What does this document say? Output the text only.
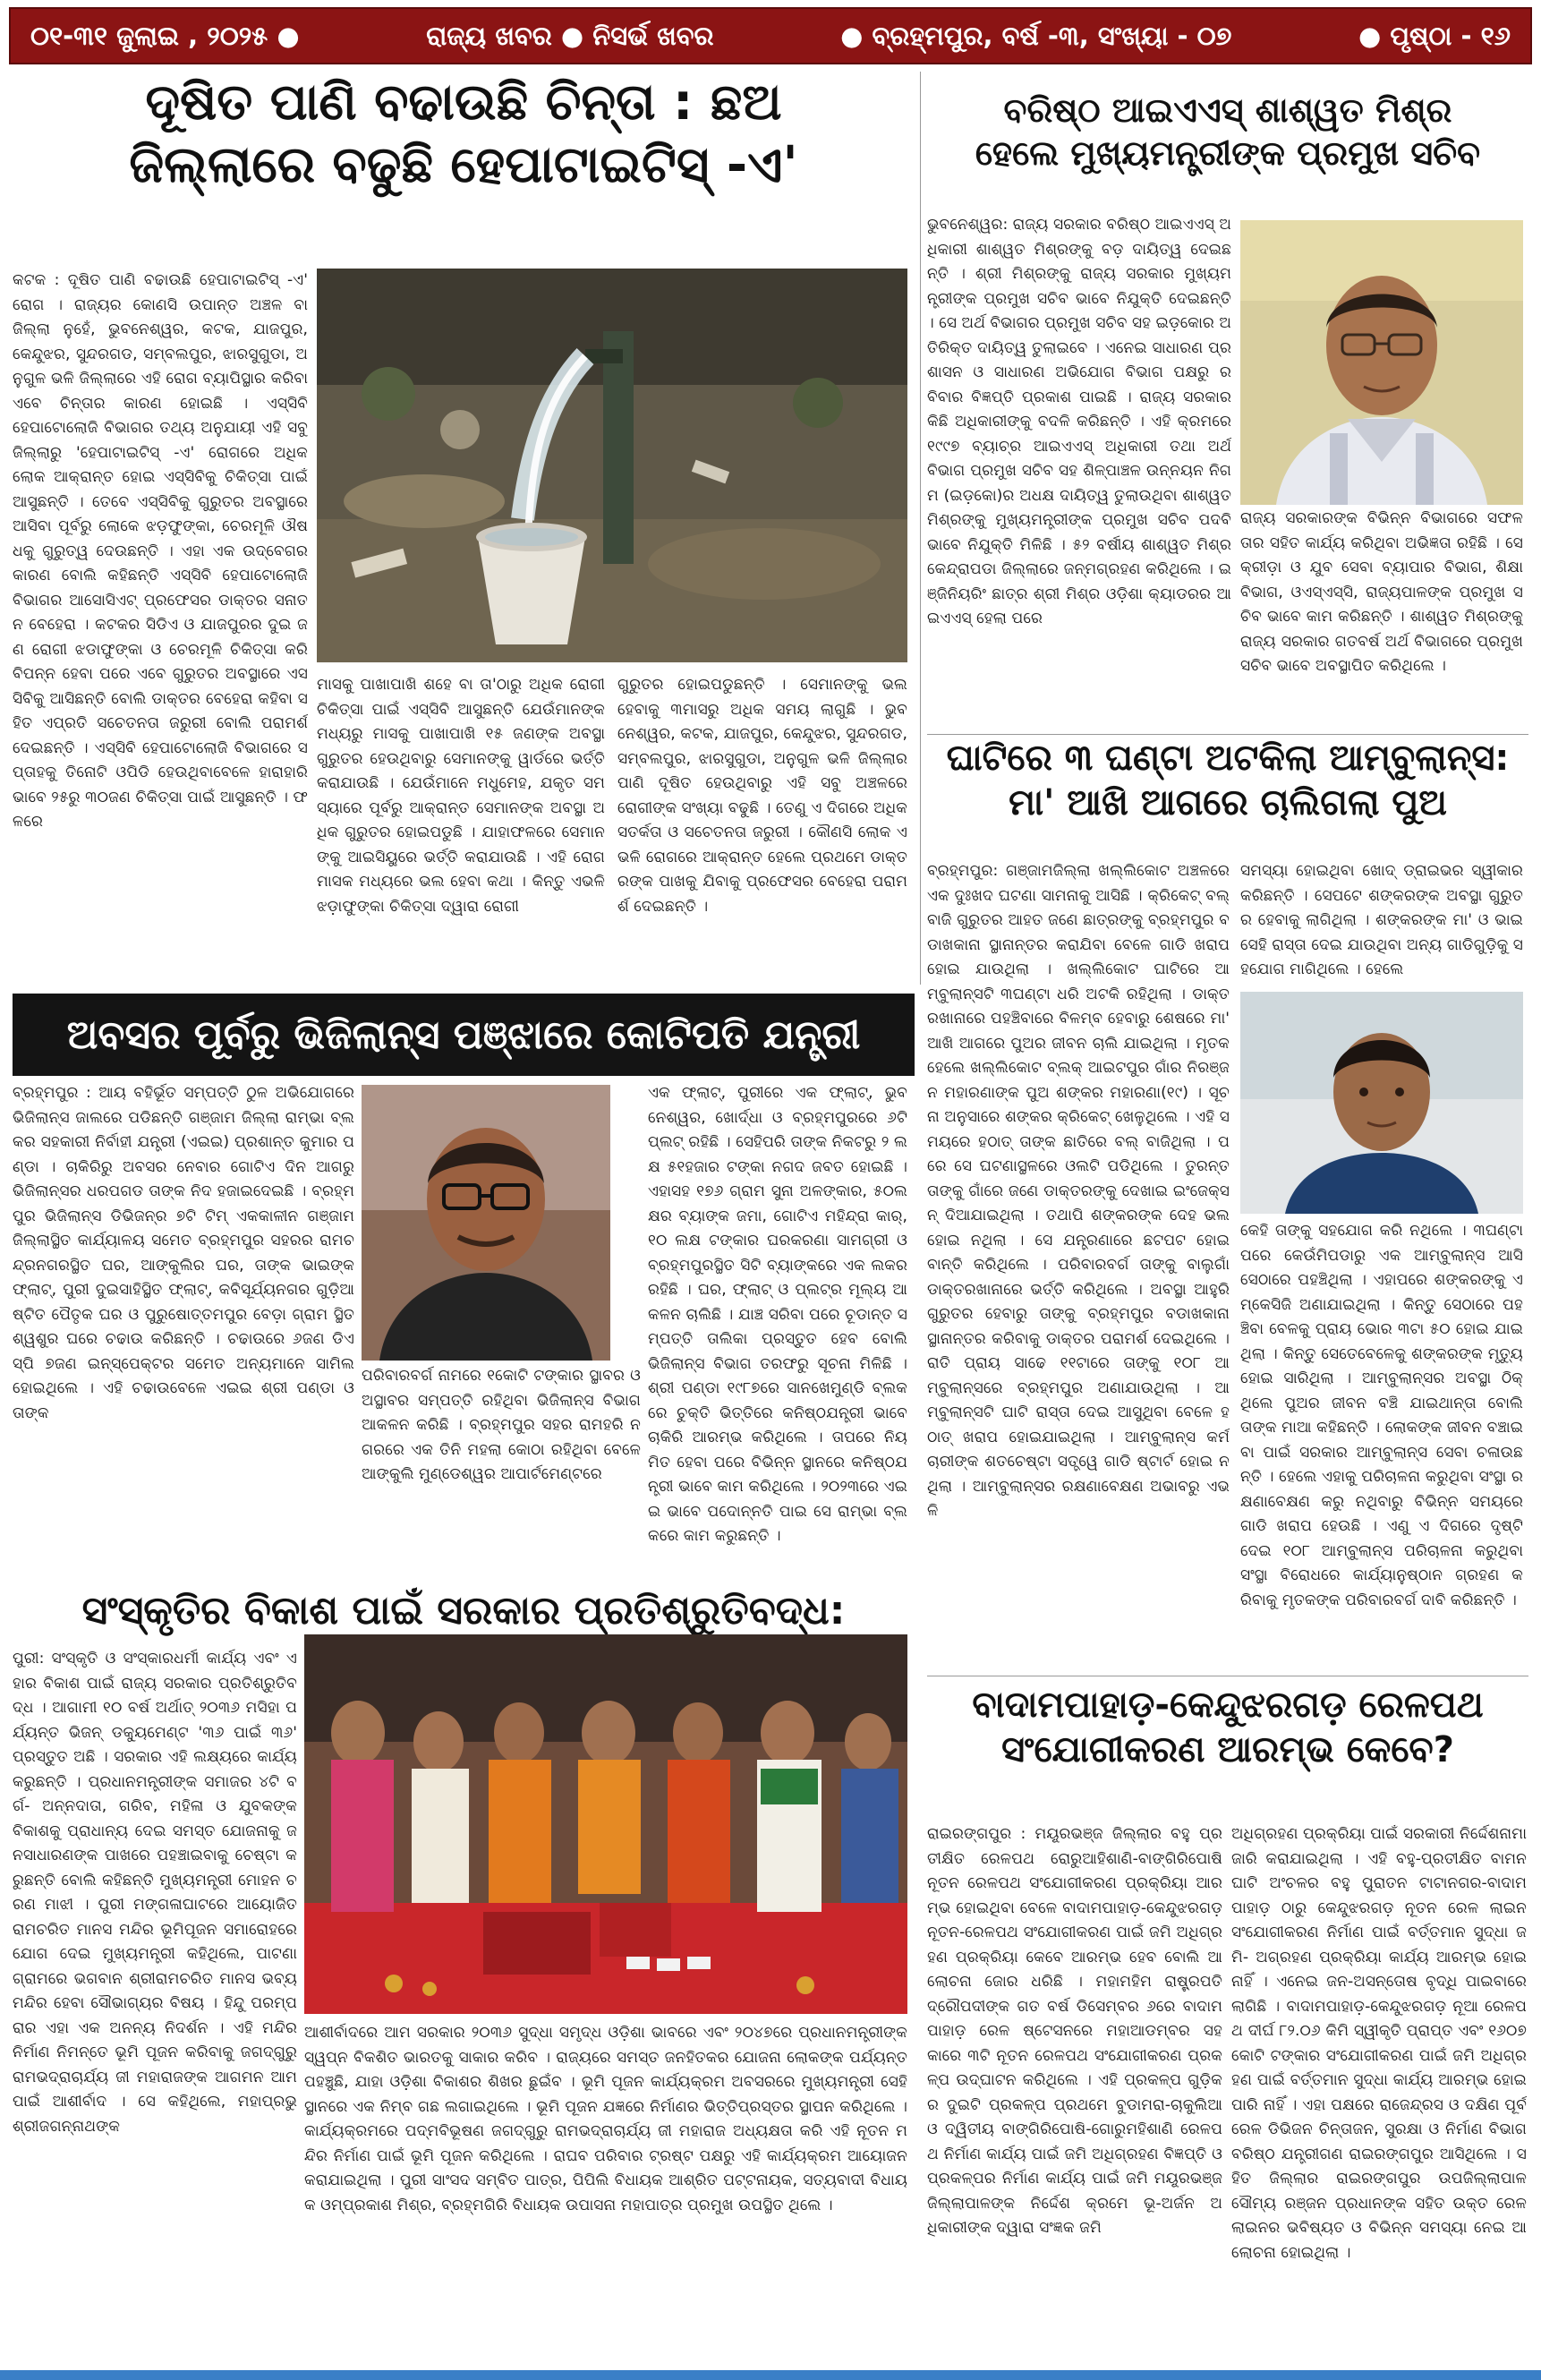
୦୧-୩୧ ଜୁଲାଇ , ୨୦୨୫ ●	ରାଜ୍ୟ ଖବର ● ନିସର୍ଭ ଖବର	● ବ୍ରହ୍ମପୁର, ବର୍ଷ -୩, ସଂଖ୍ୟା - ୦୭	● ପୃଷ୍ଠା - ୧୬
ଦୂଷିତ ପାଣି ବଢାଉଛି ଚିନ୍ତା : ଛଅ
ଜିଲ୍ଲାରେ ବଢୁଛି ହେପାଟାଇଟିସ୍ -ଏ'
କଟକ : ଦୂଷିତ ପାଣି ବଢାଉଛି ହେପାଟାଇଟିସ୍ -ଏ' ରୋଗ । ରାଜ୍ୟର କୋଣସି ଉପାନ୍ତ ଅଞ୍ଚଳ ବା ଜିଲ୍ଲା ନୁହେଁ, ଭୁବନେଶ୍ୱର, କଟକ, ଯାଜପୁର, କେନ୍ଦୁଝର, ସୁନ୍ଦରଗଡ, ସମ୍ବଲପୁର, ଝାରସୁଗୁଡା, ଅନୁଗୁଳ ଭଳି ଜିଲ୍ଲାରେ ଏହି ରୋଗ ବ୍ୟାପିସ୍ଥାର କରିବା ଏବେ ଚିନ୍ତାର କାରଣ ହୋଇଛି । ଏସ୍‌ସିବି ହେପାଟୋଲୋଜି ବିଭାଗର ତଥ୍ୟ ଅନୁଯାୟୀ ଏହି ସବୁ ଜିଲ୍ଲାରୁ 'ହେପାଟାଇଟିସ୍ -ଏ' ରୋଗରେ ଅଧିକ ଲୋକ ଆକ୍ରାନ୍ତ ହୋଇ ଏସ୍‌ସିବିକୁ ଚିକିତ୍ସା ପାଇଁ ଆସୁଛନ୍ତି । ତେବେ ଏସ୍‌ସିବିକୁ ଗୁରୁତର ଅବସ୍ଥାରେ ଆସିବା ପୂର୍ବରୁ ଲୋକେ ଝଡ଼ଫୁଙ୍କା, ଚେରମୂଳି ଔଷଧକୁ ଗୁରୁତ୍ୱ ଦେଉଛନ୍ତି । ଏହା ଏକ ଉଦ୍‌ବେଗର କାରଣ ବୋଲି କହିଛନ୍ତି ଏସ୍‌ସିବି ହେପାଟୋଲୋଜି ବିଭାଗର ଆସୋସିଏଟ୍ ପ୍ରଫେସର ଡାକ୍ତର ସନାତନ ବେହେରା । କଟକର ସିଡିଏ ଓ ଯାଜପୁରର ଦୁଇ ଜଣ ରୋଗୀ ଝଡାଫୁଙ୍କା ଓ ଚେରମୂଳି ଚିକିତ୍ସା କରି ବିପନ୍ନ ହେବା ପରେ ଏବେ ଗୁରୁତର ଅବସ୍ଥାରେ ଏସସିବିକୁ ଆସିଛନ୍ତି ବୋଲି ଡାକ୍ତର ବେହେରା କହିବା ସହିତ ଏପ୍ରତି ସଚେତନତା ଜରୁରୀ ବୋଲି ପରାମର୍ଶ ଦେଇଛନ୍ତି । ଏସ୍‌ସିବି ହେପାଟୋଲୋଜି ବିଭାଗରେ ସପ୍ତାହକୁ ତିନୋଟି ଓପିଡି ହେଉଥିବାବେଳେ ହାରାହାରି ଭାବେ ୨୫ରୁ ୩୦ଜଣ ଚିକିତ୍ସା ପାଇଁ ଆସୁଛନ୍ତି । ଫଳରେ
ମାସକୁ ପାଖାପାଖି ଶହେ ବା ତା'ଠାରୁ ଅଧିକ ରୋଗୀ ଚିକିତ୍ସା ପାଇଁ ଏସ୍‌ସିବି ଆସୁଛନ୍ତି ଯେଉଁମାନଙ୍କ ମଧ୍ୟରୁ ମାସକୁ ପାଖାପାଖି ୧୫ ଜଣଙ୍କ ଅବସ୍ଥା ଗୁରୁତର ହେଉଥିବାରୁ ସେମାନଙ୍କୁ ୱାର୍ଡରେ ଭର୍ତ୍ତି କରାଯାଉଛି । ଯେଉଁମାନେ ମଧୁମେହ, ଯକୃତ ସମସ୍ୟାରେ ପୂର୍ବରୁ ଆକ୍ରାନ୍ତ ସେମାନଙ୍କ ଅବସ୍ଥା ଅଧିକ ଗୁରୁତର ହୋଇପଡୁଛି । ଯାହାଫଳରେ ସେମାନଙ୍କୁ ଆଇସିୟୁରେ ଭର୍ତ୍ତି କରାଯାଉଛି । ଏହି ରୋଗ ମାସକ ମଧ୍ୟରେ ଭଲ ହେବା କଥା । କିନ୍ତୁ ଏଭଳି ଝଡ଼ାଫୁଙ୍କା ଚିକିତ୍ସା ଦ୍ୱାରା ରୋଗୀ
ଗୁରୁତର ହୋଇପଡୁଛନ୍ତି । ସେମାନଙ୍କୁ ଭଲ ହେବାକୁ ୩ମାସରୁ ଅଧିକ ସମୟ ଲାଗୁଛି । ଭୁବନେଶ୍ୱର, କଟକ, ଯାଜପୁର, କେନ୍ଦୁଝର, ସୁନ୍ଦରଗଡ, ସମ୍ବଲପୁର, ଝାରସୁଗୁଡା, ଅନୁଗୁଳ ଭଳି ଜିଲ୍ଲାର ପାଣି ଦୂଷିତ ହେଉଥିବାରୁ ଏହି ସବୁ ଅଞ୍ଚଳରେ ରୋଗୀଙ୍କ ସଂଖ୍ୟା ବଢୁଛି । ତେଣୁ ଏ ଦିଗରେ ଅଧିକ ସତର୍କତା ଓ ସଚେତନତା ଜରୁରୀ । କୌଣସି ଲୋକ ଏଭଳି ରୋଗରେ ଆକ୍ରାନ୍ତ ହେଲେ ପ୍ରଥମେ ଡାକ୍ତରଙ୍କ ପାଖକୁ ଯିବାକୁ ପ୍ରଫେସର ବେହେରା ପରାମର୍ଶ ଦେଇଛନ୍ତି ।
ବରିଷ୍ଠ ଆଇଏଏସ୍ ଶାଶ୍ୱତ ମିଶ୍ର
ହେଲେ ମୁଖ୍ୟମନ୍ତ୍ରୀଙ୍କ ପ୍ରମୁଖ ସଚିବ
ଭୁବନେଶ୍ୱର: ରାଜ୍ୟ ସରକାର ବରିଷ୍ଠ ଆଇଏଏସ୍ ଅଧିକାରୀ ଶାଶ୍ୱତ ମିଶ୍ରଙ୍କୁ ବଡ଼ ଦାୟିତ୍ୱ ଦେଇଛନ୍ତି । ଶ୍ରୀ ମିଶ୍ରଙ୍କୁ ରାଜ୍ୟ ସରକାର ମୁଖ୍ୟମନ୍ତ୍ରୀଙ୍କ ପ୍ରମୁଖ ସଚିବ ଭାବେ ନିଯୁକ୍ତି ଦେଇଛନ୍ତି । ସେ ଅର୍ଥ ବିଭାଗର ପ୍ରମୁଖ ସଚିବ ସହ ଇଡ଼କୋର ଅତିରିକ୍ତ ଦାୟିତ୍ୱ ତୁଲାଇବେ । ଏନେଇ ସାଧାରଣ ପ୍ରଶାସନ ଓ ସାଧାରଣ ଅଭିଯୋଗ ବିଭାଗ ପକ୍ଷରୁ ରବିବାର ବିଜ୍ଞପ୍ତି ପ୍ରକାଶ ପାଇଛି । ରାଜ୍ୟ ସରକାର କିଛି ଅଧିକାରୀଙ୍କୁ ବଦଳି କରିଛନ୍ତି । ଏହି କ୍ରମରେ ୧୯୯୭ ବ୍ୟାଚ୍‌ର ଆଇଏଏସ୍ ଅଧିକାରୀ ତଥା ଅର୍ଥ ବିଭାଗ ପ୍ରମୁଖ ସଚିବ ସହ ଶିଳ୍ପାଞ୍ଚଳ ଉନ୍ନୟନ ନିଗମ (ଇଡ଼କୋ)ର ଅଧକ୍ଷ ଦାୟିତ୍ୱ ତୁଲାଉଥିବା ଶାଶ୍ୱତ ମିଶ୍ରଙ୍କୁ ମୁଖ୍ୟମନ୍ତ୍ରୀଙ୍କ ପ୍ରମୁଖ ସଚିବ ପଦବି ଭାବେ ନିଯୁକ୍ତି ମିଳିଛି । ୫୨ ବର୍ଷୀୟ ଶାଶ୍ୱତ ମିଶ୍ର କେନ୍ଦ୍ରାପଡା ଜିଲ୍ଲାରେ ଜନ୍ମଗ୍ରହଣ କରିଥିଲେ । ଇଞ୍ଜିନିୟରିଂ ଛାତ୍ର ଶ୍ରୀ ମିଶ୍ର ଓଡ଼ିଶା କ୍ୟାଡରର ଆଇଏଏସ୍ ହେଲା ପରେ
ରାଜ୍ୟ ସରକାରଙ୍କ ବିଭିନ୍ନ ବିଭାଗରେ ସଫଳତାର ସହିତ କାର୍ଯ୍ୟ କରିଥିବା ଅଭିଜ୍ଞତା ରହିଛି । ସେ କ୍ରୀଡ଼ା ଓ ଯୁବ ସେବା ବ୍ୟାପାର ବିଭାଗ, ଶିକ୍ଷା ବିଭାଗ, ଓଏସ୍‌ଏସ୍‌ସି, ରାଜ୍ୟପାଳଙ୍କ ପ୍ରମୁଖ ସଚିବ ଭାବେ କାମ କରିଛନ୍ତି । ଶାଶ୍ୱତ ମିଶ୍ରଙ୍କୁ ରାଜ୍ୟ ସରକାର ଗତବର୍ଷ ଅର୍ଥ ବିଭାଗରେ ପ୍ରମୁଖ ସଚିବ ଭାବେ ଅବସ୍ଥାପିତ କରିଥିଲେ ।
ଘାଟିରେ ୩ ଘଣ୍ଟା ଅଟକିଲା ଆମ୍ବୁଲାନ୍ସ:
ମା' ଆଖି ଆଗରେ ଚାଲିଗଲା ପୁଅ
ବ୍ରହ୍ମପୁର: ଗଞ୍ଜାମଜିଲ୍ଲା ଖଲ୍ଲିକୋଟ ଅଞ୍ଚଳରେ ଏକ ଦୁଃଖଦ ଘଟଣା ସାମନାକୁ ଆସିଛି । କ୍ରିକେଟ୍ ବଲ୍ ବାଜି ଗୁରୁତର ଆହତ ଜଣେ ଛାତ୍ରଙ୍କୁ ବ୍ରହ୍ମପୁର ବଡାଖକାନା ସ୍ଥାନାନ୍ତର କରାଯିବା ବେଳେ ଗାଡି ଖରାପ ହୋଇ ଯାଉଥିଲା । ଖଲ୍ଲିକୋଟ ଘାଟିରେ ଆମ୍ବୁଲାନ୍ସଟି ୩ଘଣ୍ଟା ଧରି ଅଟକି ରହିଥିଲା । ଡାକ୍ତରଖାନାରେ ପହଞ୍ଚିବାରେ ବିଳମ୍ବ ହେବାରୁ ଶେଷରେ ମା' ଆଖି ଆଗରେ ପୁଅର ଜୀବନ ଚାଲି ଯାଇଥିଲା । ମୃତକ ହେଲେ ଖଲ୍ଲିକୋଟ ବ୍ଲକ୍ ଆଇଟପୁର ଗାଁର ନିରଞ୍ଜନ ମହାରଣାଙ୍କ ପୁଅ ଶଙ୍କର ମହାରଣା(୧୯) । ସୂଚନା ଅନୁସାରେ ଶଙ୍କର କ୍ରିକେଟ୍ ଖେଳୁଥିଲେ । ଏହି ସମୟରେ ହଠାତ୍ ତାଙ୍କ ଛାତିରେ ବଲ୍ ବାଜିଥିଲା । ପରେ ସେ ଘଟଣାସ୍ଥଳରେ ଓଲଟି ପଡିଥିଲେ । ତୁରନ୍ତ ତାଙ୍କୁ ଗାଁରେ ଜଣେ ଡାକ୍ତରଙ୍କୁ ଦେଖାଇ ଇଂଜେକ୍ସନ୍ ଦିଆଯାଇଥିଲା । ତଥାପି ଶଙ୍କରଙ୍କ ଦେହ ଭଲ ହୋଇ ନଥିଲା । ସେ ଯନ୍ତ୍ରଣାରେ ଛଟପଟ ହୋଇ ବାନ୍ତି କରିଥିଲେ । ପରିବାରବର୍ଗ ତାଙ୍କୁ ବାଲୁଗାଁ ଡାକ୍ତରଖାନାରେ ଭର୍ତ୍ତି କରିଥିଲେ । ଅବସ୍ଥା ଆହୁରି ଗୁରୁତର ହେବାରୁ ତାଙ୍କୁ ବ୍ରହ୍ମପୁର ବଡାଖକାନା ସ୍ଥାନାନ୍ତର କରିବାକୁ ଡାକ୍ତର ପରାମର୍ଶ ଦେଇଥିଲେ । ରାତି ପ୍ରାୟ ସାଢେ ୧୧ଟାରେ ତାଙ୍କୁ ୧୦୮ ଆମ୍ବୁଲାନ୍ସରେ ବ୍ରହ୍ମପୁର ଅଣାଯାଉଥିଲା । ଆମ୍ବୁଲାନ୍ସଟି ଘାଟି ରାସ୍ତା ଦେଇ ଆସୁଥିବା ବେଳେ ହଠାତ୍ ଖରାପ ହୋଇଯାଇଥିଲା । ଆମ୍ବୁଲାନ୍ସ କର୍ମଚାରୀଙ୍କ ଶତଚେଷ୍ଟା ସତ୍ତ୍ୱେ ଗାଡି ଷ୍ଟାର୍ଟ ହୋଇ ନଥିଲା । ଆମ୍ବୁଲାନ୍ସର ରକ୍ଷଣାବେକ୍ଷଣ ଅଭାବରୁ ଏଭଳି
ସମସ୍ୟା ହୋଇଥିବା ଖୋଦ୍ ଡ୍ରାଇଭର ସ୍ୱୀକାର କରିଛନ୍ତି । ସେପଟେ ଶଙ୍କରଙ୍କ ଅବସ୍ଥା ଗୁରୁତର ହେବାକୁ ଲାଗିଥିଲା । ଶଙ୍କରଙ୍କ ମା' ଓ ଭାଇ ସେହି ରାସ୍ତା ଦେଇ ଯାଉଥିବା ଅନ୍ୟ ଗାଡିଗୁଡ଼ିକୁ ସହଯୋଗ ମାଗିଥିଲେ । ହେଲେ
କେହି ତାଙ୍କୁ ସହଯୋଗ କରି ନଥିଲେ । ୩ଘଣ୍ଟା ପରେ କେଉଁମିପଡାରୁ ଏକ ଆମ୍ବୁଲାନ୍ସ ଆସି ସେଠାରେ ପହଞ୍ଚିଥିଲା । ଏହାପରେ ଶଙ୍କରଙ୍କୁ ଏମ୍‌କେସିଜି ଅଣାଯାଇଥିଲା । କିନ୍ତୁ ସେଠାରେ ପହଞ୍ଚିବା ବେଳକୁ ପ୍ରାୟ ଭୋର ୩ଟା ୫୦ ହୋଇ ଯାଇଥିଲା । କିନ୍ତୁ ସେତେବେଳେକୁ ଶଙ୍କରଙ୍କ ମୃତ୍ୟୁ ହୋଇ ସାରିଥିଲା । ଆମ୍ବୁଲାନ୍ସର ଅବସ୍ଥା ଠିକ୍ ଥିଲେ ପୁଅର ଜୀବନ ବଞ୍ଚି ଯାଇଥାନ୍ତା ବୋଲି ତାଙ୍କ ମାଆ କହିଛନ୍ତି । ଲୋକଙ୍କ ଜୀବନ ବଞ୍ଚାଇବା ପାଇଁ ସରକାର ଆମ୍ବୁଲାନ୍ସ ସେବା ଚଳାଉଛନ୍ତି । ହେଲେ ଏହାକୁ ପରିଚାଳନା କରୁଥିବା ସଂସ୍ଥା ରକ୍ଷଣାବେକ୍ଷଣ କରୁ ନଥିବାରୁ ବିଭିନ୍ନ ସମୟରେ ଗାଡି ଖରାପ ହେଉଛି । ଏଣୁ ଏ ଦିଗରେ ଦୃଷ୍ଟି ଦେଇ ୧୦୮ ଆମ୍ବୁଲାନ୍ସ ପରିଚାଳନା କରୁଥିବା ସଂସ୍ଥା ବିରୋଧରେ କାର୍ଯ୍ୟାନୁଷ୍ଠାନ ଗ୍ରହଣ କରିବାକୁ ମୃତକଙ୍କ ପରିବାରବର୍ଗ ଦାବି କରିଛନ୍ତି ।
ଅବସର ପୂର୍ବରୁ ଭିଜିଲାନ୍ସ ପଞ୍ଝାରେ କୋଟିପତି ଯନ୍ତ୍ରୀ
ବ୍ରହ୍ମପୁର : ଆୟ ବହିର୍ଭୂତ ସମ୍ପତ୍ତି ଠୁଳ ଅଭିଯୋଗରେ ଭିଜିଲାନ୍ସ ଜାଲରେ ପଡିଛନ୍ତି ଗଞ୍ଜାମ ଜିଲ୍ଲା ରାମ୍‌ଭା ବ୍ଲକର ସହକାରୀ ନିର୍ବାହୀ ଯନ୍ତ୍ରୀ (ଏଇଇ) ପ୍ରଶାନ୍ତ କୁମାର ପଣ୍ଡା । ଚାକିରିରୁ ଅବସର ନେବାର ଗୋଟିଏ ଦିନ ଆଗରୁ ଭିଜିଲାନ୍ସର ଧରପଗଡ ତାଙ୍କ ନିଦ ହଜାଇଦେଇଛି । ବ୍ରହ୍ମପୁର ଭିଜିଲାନ୍ସ ଡିଭିଜନ୍‌ର ୭ଟି ଟିମ୍ ଏକକାଳୀନ ଗଞ୍ଜାମ ଜିଲ୍ଲାସ୍ଥିତ କାର୍ଯ୍ୟାଳୟ ସମେତ ବ୍ରହ୍ମପୁର ସହରର ରାମଚନ୍ଦ୍ରନଗରସ୍ଥିତ ଘର, ଆଙ୍କୁଲିର ଘର, ତାଙ୍କ ଭାଇଙ୍କ ଫ୍ଲାଟ୍, ପୁରୀ ଦୁଇସାହିସ୍ଥିତ ଫ୍ଲାଟ୍, କବିସୂର୍ଯ୍ୟନଗର ଗୁଡ଼ିଆଷ୍ଟିତ ପୈତୃକ ଘର ଓ ପୁରୁଷୋତ୍ତମପୁର ବେଡ଼ା ଗ୍ରାମ ସ୍ଥିତ ଶ୍ୱଶୁର ଘରେ ଚଢାଉ କରିଛନ୍ତି । ଚଢାଉରେ ୬ଜଣ ଡିଏସ୍‌ପି ୭ଜଣ ଇନ୍‌ସ୍ପେକ୍ଟର ସମେତ ଅନ୍ୟମାନେ ସାମିଲ ହୋଇଥିଲେ । ଏହି ଚଢାଉବେଳେ ଏଇଇ ଶ୍ରୀ ପଣ୍ଡା ଓ ତାଙ୍କ
ପରିବାରବର୍ଗ ନାମରେ ୧କୋଟି ଟଙ୍କାର ସ୍ଥାବର ଓ ଅସ୍ଥାବର ସମ୍ପତ୍ତି ରହିଥିବା ଭିଜିଲାନ୍ସ ବିଭାଗ ଆକଳନ କରିଛି । ବ୍ରହ୍ମପୁର ସହର ରାମହରି ନଗରରେ ଏକ ତିନି ମହଲା କୋଠା ରହିଥିବା ବେଳେ ଆଙ୍କୁଲି ମୁଣ୍ଡେଶ୍ୱର ଆପାର୍ଟମେଣ୍ଟରେ
ଏକ ଫ୍ଲାଟ୍, ପୁରୀରେ ଏକ ଫ୍ଲାଟ୍, ଭୁବନେଶ୍ୱର, ଖୋର୍ଦ୍ଧା ଓ ବ୍ରହ୍ମପୁରରେ ୬ଟି ପ୍ଲଟ୍ ରହିଛି । ସେହିପରି ତାଙ୍କ ନିକଟରୁ ୨ ଲକ୍ଷ ୫୧ହଜାର ଟଙ୍କା ନଗଦ ଜବତ ହୋଇଛି । ଏହାସହ ୧୭୬ ଗ୍ରାମ ସୁନା ଅଳଙ୍କାର, ୫୦ଲକ୍ଷର ବ୍ୟାଙ୍କ ଜମା, ଗୋଟିଏ ମହିନ୍ଦ୍ରା କାର୍, ୧୦ ଲକ୍ଷ ଟଙ୍କାର ଘରକରଣା ସାମଗ୍ରୀ ଓ ବ୍ରହ୍ମପୁରସ୍ଥିତ ସିଟି ବ୍ୟାଙ୍କରେ ଏକ ଲକର ରହିଛି । ଘର, ଫ୍ଲାଟ୍ ଓ ପ୍ଲଟ୍‌ର ମୂଲ୍ୟ ଆକଳନ ଚାଲିଛି । ଯାଞ୍ଚ ସରିବା ପରେ ଚୂଡାନ୍ତ ସମ୍ପତ୍ତି ତାଲିକା ପ୍ରସ୍ତୁତ ହେବ ବୋଲି ଭିଜିଲାନ୍ସ ବିଭାଗ ତରଫରୁ ସୂଚନା ମିଳିଛି । ଶ୍ରୀ ପଣ୍ଡା ୧୯୮୭ରେ ସାନଖେମୁଣ୍ଡି ବ୍ଲକରେ ଚୁକ୍ତି ଭିତ୍ତିରେ କନିଷ୍ଠଯନ୍ତ୍ରୀ ଭାବେ ଚାକିରି ଆରମ୍ଭ କରିଥିଲେ । ତାପରେ ନିୟମିତ ହେବା ପରେ ବିଭିନ୍ନ ସ୍ଥାନରେ କନିଷ୍ଠଯନ୍ତ୍ରୀ ଭାବେ କାମ କରିଥିଲେ । ୨୦୨୩ରେ ଏଇଇ ଭାବେ ପଦୋନ୍ନତି ପାଇ ସେ ରାମ୍‌ଭା ବ୍ଲକରେ କାମ କରୁଛନ୍ତି ।
ସଂସ୍କୃତିର ବିକାଶ ପାଇଁ ସରକାର ପ୍ରତିଶ୍ରୁତିବଦ୍ଧ:
ପୁରୀ: ସଂସ୍କୃତି ଓ ସଂସ୍କାରଧର୍ମୀ କାର୍ଯ୍ୟ ଏବଂ ଏହାର ବିକାଶ ପାଇଁ ରାଜ୍ୟ ସରକାର ପ୍ରତିଶ୍ରୁତିବଦ୍ଧ । ଆଗାମୀ ୧୦ ବର୍ଷ ଅର୍ଥାତ୍ ୨୦୩୬ ମସିହା ପର୍ଯ୍ୟନ୍ତ ଭିଜନ୍ ଡକ୍ୟୁମେଣ୍ଟ '୩୬ ପାଇଁ ୩୬' ପ୍ରସ୍ତୁତ ଅଛି । ସରକାର ଏହି ଲକ୍ଷ୍ୟରେ କାର୍ଯ୍ୟ କରୁଛନ୍ତି । ପ୍ରଧାନମନ୍ତ୍ରୀଙ୍କ ସମାଜର ୪ଟି ବର୍ଗ- ଅନ୍ନଦାତା, ଗରିବ, ମହିଳା ଓ ଯୁବକଙ୍କ ବିକାଶକୁ ପ୍ରାଧାନ୍ୟ ଦେଇ ସମସ୍ତ ଯୋଜନାକୁ ଜନସାଧାରଣଙ୍କ ପାଖରେ ପହଞ୍ଚାଇବାକୁ ଚେଷ୍ଟା କରୁଛନ୍ତି ବୋଲି କହିଛନ୍ତି ମୁଖ୍ୟମନ୍ତ୍ରୀ ମୋହନ ଚରଣ ମାଝୀ । ପୁରୀ ମଙ୍ଗଳାଘାଟରେ ଆୟୋଜିତ ରାମଚରିତ ମାନସ ମନ୍ଦିର ଭୂମିପୂଜନ ସମାରୋହରେ ଯୋଗ ଦେଇ ମୁଖ୍ୟମନ୍ତ୍ରୀ କହିଥିଲେ, ପାଟଣା ଗ୍ରାମରେ ଭଗବାନ ଶ୍ରୀରାମଚରିତ ମାନସ ଭବ୍ୟ ମନ୍ଦିର ହେବା ସୌଭାଗ୍ୟର ବିଷୟ । ହିନ୍ଦୁ ପରମ୍ପରାର ଏହା ଏକ ଅନନ୍ୟ ନିଦର୍ଶନ । ଏହି ମନ୍ଦିର ନିର୍ମାଣ ନିମନ୍ତେ ଭୂମି ପୂଜନ କରିବାକୁ ଜଗଦ୍‌ଗୁରୁ ରାମଭଦ୍ରାଚାର୍ଯ୍ୟ ଜୀ ମହାରାଜଙ୍କ ଆଗମନ ଆମ ପାଇଁ ଆଶୀର୍ବାଦ । ସେ କହିଥିଲେ, ମହାପ୍ରଭୁ ଶ୍ରୀଜଗନ୍ନାଥଙ୍କ
ଆଶୀର୍ବାଦରେ ଆମ ସରକାର ୨୦୩୬ ସୁଦ୍ଧା ସମୃଦ୍ଧ ଓଡ଼ିଶା ଭାବରେ ଏବଂ ୨୦୪୭ରେ ପ୍ରଧାନମନ୍ତ୍ରୀଙ୍କ ସ୍ୱପ୍ନ ବିକଶିତ ଭାରତକୁ ସାକାର କରିବ । ରାଜ୍ୟରେ ସମସ୍ତ ଜନହିତକର ଯୋଜନା ଲୋକଙ୍କ ପର୍ଯ୍ୟନ୍ତ ପହଞ୍ଚୁଛି, ଯାହା ଓଡ଼ିଶା ବିକାଶର ଶିଖର ଛୁଇଁବ । ଭୂମି ପୂଜନ କାର୍ଯ୍ୟକ୍ରମ ଅବସରରେ ମୁଖ୍ୟମନ୍ତ୍ରୀ ସେହି ସ୍ଥାନରେ ଏକ ନିମ୍ବ ଗଛ ଲଗାଇଥିଲେ । ଭୂମି ପୂଜନ ଯଜ୍ଞରେ ନିର୍ମାଣର ଭିତ୍ତିପ୍ରସ୍ତର ସ୍ଥାପନ କରିଥିଲେ । କାର୍ଯ୍ୟକ୍ରମରେ ପଦ୍ମବିଭୂଷଣ ଜଗଦ୍‌ଗୁରୁ ରାମଭଦ୍ରାଚାର୍ଯ୍ୟ ଜୀ ମହାରାଜ ଅଧ୍ୟକ୍ଷତା କରି ଏହି ନୂତନ ମନ୍ଦିର ନିର୍ମାଣ ପାଇଁ ଭୂମି ପୂଜନ କରିଥିଲେ । ରାଘବ ପରିବାର ଟ୍ରଷ୍ଟ ପକ୍ଷରୁ ଏହି କାର୍ଯ୍ୟକ୍ରମ ଆୟୋଜନ କରାଯାଇଥିଲା । ପୁରୀ ସାଂସଦ ସମ୍ବିତ ପାତ୍ର, ପିପିଲି ବିଧାୟକ ଆଶ୍ରିତ ପଟ୍ଟନାୟକ, ସତ୍ୟବାଦୀ ବିଧାୟକ ଓମ୍‌ପ୍ରକାଶ ମିଶ୍ର, ବ୍ରହ୍ମଗିରି ବିଧାୟକ ଉପାସନା ମହାପାତ୍ର ପ୍ରମୁଖ ଉପସ୍ଥିତ ଥିଲେ ।
ବାଦାମପାହାଡ଼-କେନ୍ଦୁଝରଗଡ଼ ରେଳପଥ
ସଂଯୋଗୀକରଣ ଆରମ୍ଭ କେବେ?
ରାଇରଙ୍ଗପୁର : ମୟୂରଭଞ୍ଜ ଜିଲ୍ଲାର ବହୁ ପ୍ରତୀକ୍ଷିତ ରେଳପଥ ରୋରୁଆହିଶାଣି-ବାଙ୍ଗିରିପୋଷି ନୂତନ ରେଳପଥ ସଂଯୋଗୀକରଣ ପ୍ରକ୍ରିୟା ଆରମ୍ଭ ହୋଇଥିବା ବେଳେ ବାଦାମପାହାଡ଼-କେନ୍ଦୁଝରଗଡ଼ ନୂତନ-ରେଳପଥ ସଂଯୋଗୀକରଣ ପାଇଁ ଜମି ଅଧିଗ୍ରହଣ ପ୍ରକ୍ରିୟା କେବେ ଆରମ୍ଭ ହେବ ବୋଲି ଆଲୋଚନା ଜୋର ଧରିଛି । ମହାମହିମ ରାଷ୍ଟ୍ରପତି ଦ୍ରୌପଦୀଙ୍କ ଗତ ବର୍ଷ ଡିସେମ୍ବର ୬ରେ ବାଦାମପାହାଡ଼ ରେଳ ଷ୍ଟେସନରେ ମହାଆଡମ୍ବର ସହକାରେ ୩ଟି ନୂତନ ରେଳପଥ ସଂଯୋଗୀକରଣ ପ୍ରକଳ୍ପ ଉଦ୍‌ଘାଟନ କରିଥିଲେ । ଏହି ପ୍ରକଳ୍ପ ଗୁଡ଼ିକର ଦୁଇଟି ପ୍ରକଳ୍ପ ପ୍ରଥମେ ବୁଡାମରା-ଚାକୁଲିଆ ଓ ଦ୍ୱିତୀୟ ବାଙ୍ଗିରିପୋଷି-ଗୋରୁମହିଶାଣି ରେଳପଥ ନିର୍ମାଣ କାର୍ଯ୍ୟ ପାଇଁ ଜମି ଅଧିଗ୍ରହଣ ବିଜ୍ଞପ୍ତି ଓ ପ୍ରକଳ୍ପର ନିର୍ମାଣ କାର୍ଯ୍ୟ ପାଇଁ ଜମି ମୟୂରଭଞ୍ଜ ଜିଲ୍ଲାପାଳଙ୍କ ନିର୍ଦ୍ଦେଶ କ୍ରମେ ଭୂ-ଅର୍ଜନ ଅଧିକାରୀଙ୍କ ଦ୍ୱାରା ସଂଜ୍ଞକ ଜମି
ଅଧିଗ୍ରହଣ ପ୍ରକ୍ରିୟା ପାଇଁ ସରକାରୀ ନିର୍ଦ୍ଦେଶନାମା ଜାରି କରାଯାଇଥିଲା । ଏହି ବହୁ-ପ୍ରତୀକ୍ଷିତ ବାମନଘାଟି ଅଂଚଳର ବହୁ ପୁରାତନ ଟାଟାନଗର-ବାଦାମ ପାହାଡ଼ ଠାରୁ କେନ୍ଦୁଝରଗଡ଼ ନୂତନ ରେଳ ଲାଇନ ସଂଯୋଗୀକରଣ ନିର୍ମାଣ ପାଇଁ ବର୍ତ୍ତମାନ ସୁଦ୍ଧା ଜମି- ଅଗ୍ରହଣ ପ୍ରକ୍ରିୟା କାର୍ଯ୍ୟ ଆରମ୍ଭ ହୋଇନାହିଁ । ଏନେଇ ଜନ-ଅସନ୍ତୋଷ ବୃଦ୍ଧି ପାଇବାରେ ଲାଗିଛି । ବାଦାମପାହାଡ଼-କେନ୍ଦୁଝରଗଡ଼ ନୂଆ ରେଳପଥ ଦୀର୍ଘ ୮୨.୦୬ କିମି ସ୍ୱୀକୃତି ପ୍ରାପ୍ତ ଏବଂ ୧୬୦୭ କୋଟି ଟଙ୍କାର ସଂଯୋଗୀକରଣ ପାଇଁ ଜମି ଅଧିଗ୍ରହଣ ପାଇଁ ବର୍ତ୍ତମାନ ସୁଦ୍ଧା କାର୍ଯ୍ୟ ଆରମ୍ଭ ହୋଇପାରି ନାହିଁ । ଏହା ପକ୍ଷରେ ରାଜେନ୍ଦ୍ରସ ଓ ଦକ୍ଷିଣ ପୂର୍ବ ରେଳ ଡିଭିଜନ ଚିନ୍ତାଜନ, ସୁରକ୍ଷା ଓ ନିର୍ମାଣ ବିଭାଗ ବରିଷ୍ଠ ଯନ୍ତ୍ରୀଗଣ ରାଇରଙ୍ଗପୁର ଆସିଥିଲେ । ସହିତ ଜିଲ୍ଲାର ରାଇରଙ୍ଗପୁର ଉପଜିଲ୍ଲାପାଳ ସୌମ୍ୟ ରଞ୍ଜନ ପ୍ରଧାନଙ୍କ ସହିତ ଉକ୍ତ ରେଳ ଲାଇନର ଭବିଷ୍ୟତ ଓ ବିଭିନ୍ନ ସମସ୍ୟା ନେଇ ଆଲୋଚନା ହୋଇଥିଲା ।
